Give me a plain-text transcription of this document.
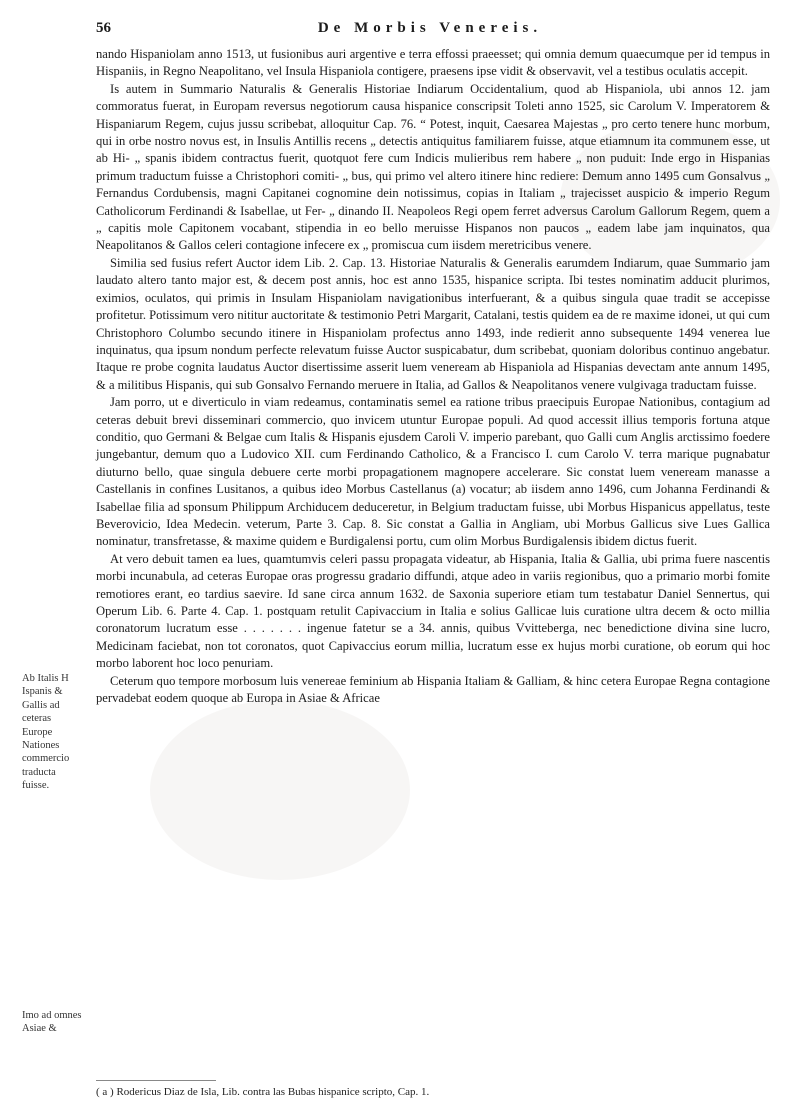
56	De Morbis Venereis.
Ab Italis H Ispanis & Gallis ad ceteras Europe Nationes commercio traducta fuisse.
Imo ad omnes Asiae &

nando Hispaniolam anno 1513, ut fusionibus auri argentive e terra effossi praeesset; qui omnia demum quaecumque per id tempus in Hispaniis, in Regno Neapolitano, vel Insula Hispaniola contigere, praesens ipse vidit & observavit, vel a testibus oculatis accepit.

Is autem in Summario Naturalis & Generalis Historiae Indiarum Occidentalium, quod ab Hispaniola, ubi annos 12. jam commoratus fuerat, in Europam reversus negotiorum causa hispanice conscripsit Toleti anno 1525, sic Carolum V. Imperatorem & Hispaniarum Regem, cujus jussu scribebat, alloquitur Cap. 76. “ Potest, inquit, Caesarea Majestas „ pro certo tenere hunc morbum, qui in orbe nostro novus est, in Insulis Antillis recens „ detectis antiquitus familiarem fuisse, atque etiamnum ita communem esse, ut ab Hi- „ spanis ibidem contractus fuerit, quotquot fere cum Indicis mulieribus rem habere „ non puduit: Inde ergo in Hispanias primum traductum fuisse a Christophori comiti- „ bus, qui primo vel altero itinere hinc rediere: Demum anno 1495 cum Gonsalvus „ Fernandus Cordubensis, magni Capitanei cognomine dein notissimus, copias in Italiam „ trajecisset auspicio & imperio Regum Catholicorum Ferdinandi & Isabellae, ut Fer- „ dinando II. Neapoleos Regi opem ferret adversus Carolum Gallorum Regem, quem a „ capitis mole Capitonem vocabant, stipendia in eo bello meruisse Hispanos non paucos „ eadem labe jam inquinatos, qua Neapolitanos & Gallos celeri contagione infecere ex „ promiscua cum iisdem meretricibus venere.

Similia sed fusius refert Auctor idem Lib. 2. Cap. 13. Historiae Naturalis & Generalis earumdem Indiarum, quae Summario jam laudato altero tanto major est, & decem post annis, hoc est anno 1535, hispanice scripta. Ibi testes nominatim adducit plurimos, eximios, oculatos, qui primis in Insulam Hispaniolam navigationibus interfuerant, & a quibus singula quae tradit se accepisse profitetur. Potissimum vero nititur auctoritate & testimonio Petri Margarit, Catalani, testis quidem ea de re maxime idonei, ut qui cum Christophoro Columbo secundo itinere in Hispaniolam profectus anno 1493, inde redierit anno subsequente 1494 venerea lue inquinatus, qua ipsum nondum perfecte relevatum fuisse Auctor suspicabatur, dum scribebat, quoniam doloribus continuo angebatur. Itaque re probe cognita laudatus Auctor disertissime asserit luem veneream ab Hispaniola ad Hispanias devectam ante annum 1495, & a militibus Hispanis, qui sub Gonsalvo Fernando meruere in Italia, ad Gallos & Neapolitanos venere vulgivaga traductam fuisse.

Jam porro, ut e diverticulo in viam redeamus, contaminatis semel ea ratione tribus praecipuis Europae Nationibus, contagium ad ceteras debuit brevi disseminari commercio, quo invicem utuntur Europae populi. Ad quod accessit illius temporis fortuna atque conditio, quo Germani & Belgae cum Italis & Hispanis ejusdem Caroli V. imperio parebant, quo Galli cum Anglis arctissimo foedere jungebantur, demum quo a Ludovico XII. cum Ferdinando Catholico, & a Francisco I. cum Carolo V. terra marique pugnabatur diuturno bello, quae singula debuere certe morbi propagationem magnopere accelerare. Sic constat luem veneream manasse a Castellanis in confines Lusitanos, a quibus ideo Morbus Castellanus (a) vocatur; ab iisdem anno 1496, cum Johanna Ferdinandi & Isabellae filia ad sponsum Philippum Archiducem deduceretur, in Belgium traductam fuisse, ubi Morbus Hispanicus appellatus, teste Beverovicio, Idea Medecin. veterum, Parte 3. Cap. 8. Sic constat a Gallia in Angliam, ubi Morbus Gallicus sive Lues Gallica nominatur, transfretasse, & maxime quidem e Burdigalensi portu, cum olim Morbus Burdigalensis ibidem dictus fuerit.

At vero debuit tamen ea lues, quamtumvis celeri passu propagata videatur, ab Hispania, Italia & Gallia, ubi prima fuere nascentis morbi incunabula, ad ceteras Europae oras progressu gradario diffundi, atque adeo in variis regionibus, quo a primario morbi fomite remotiores erant, eo tardius saevire. Id sane circa annum 1632. de Saxonia superiore etiam tum testabatur Daniel Sennertus, qui Operum Lib. 6. Parte 4. Cap. 1. postquam retulit Capivaccium in Italia e solius Gallicae luis curatione ultra decem & octo millia coronatorum lucratum esse . . . . . . . ingenue fatetur se a 34. annis, quibus Vvitteberga, nec benedictione divina sine lucro, Medicinam faciebat, non tot coronatos, quot Capivaccius eorum millia, lucratum esse ex hujus morbi curatione, ob eorum qui hoc morbo laborent hoc loco penuriam.

Ceterum quo tempore morbosum luis venereae feminium ab Hispania Italiam & Galliam, & hinc cetera Europae Regna contagione pervadebat eodem quoque ab Europa in Asiae & Africae

( a ) Rodericus Diaz de Isla, Lib. contra las Bubas hispanice scripto, Cap. 1.
